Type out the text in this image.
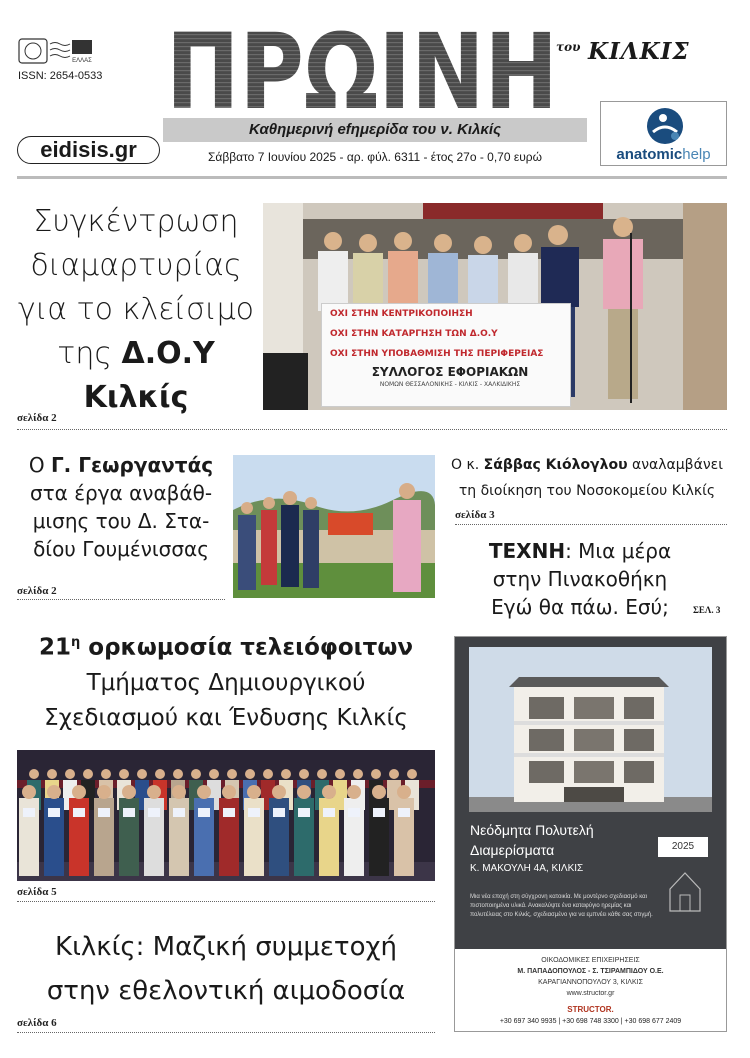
ΕΛΛΑΣ
ISSN: 2654-0533
eidisis.gr
ΠΡΩΙΝΗ
του ΚΙΛΚΙΣ
Καθημερινή efημερίδα του ν. Κιλκίς
Σάββατο 7 Ιουνίου 2025 - αρ. φύλ. 6311 - έτος 27ο - 0,70 ευρώ	anatomichelp
Συγκέντρωση
διαμαρτυρίας
για το κλείσιμο
της Δ.Ο.Υ Κιλκίς
σελίδα 2
ΟΧΙ ΣΤΗΝ ΚΕΝΤΡΙΚΟΠΟΙΗΣΗ
ΟΧΙ ΣΤΗΝ ΚΑΤΑΡΓΗΣΗ ΤΩΝ Δ.Ο.Υ
ΟΧΙ ΣΤΗΝ ΥΠΟΒΑΘΜΙΣΗ ΤΗΣ ΠΕΡΙΦΕΡΕΙΑΣ
ΣΥΛΛΟΓΟΣ ΕΦΟΡΙΑΚΩΝ
ΝΟΜΩΝ ΘΕΣΣΑΛΟΝΙΚΗΣ - ΚΙΛΚΙΣ - ΧΑΛΚΙΔΙΚΗΣ
Ο Γ. Γεωργαντάς
στα έργα αναβάθ-
μισης του Δ. Στα-
δίου Γουμένισσας
σελίδα 2
Ο κ. Σάββας Κιόλογλου αναλαμβάνει
τη διοίκηση του Νοσοκομείου Κιλκίς
σελίδα 3
ΤΕΧΝΗ: Μια μέρα
στην Πινακοθήκη
Εγώ θα πάω. Εσύ;	ΣΕΛ. 3
$21^\eta$ ορκωμοσία τελειόφοιτων
Τμήματος Δημιουργικού
Σχεδιασμού και Ένδυσης Κιλκίς
σελίδα 5
Κιλκίς: Μαζική συμμετοχή
στην εθελοντική αιμοδοσία
σελίδα 6
Νεόδμητα Πολυτελή
Διαμερίσματα	2025
Κ. ΜΑΚΟΥΛΗ 4Α, ΚΙΛΚΙΣ
Μια νέα εποχή στη σύγχρονη κατοικία. Με μοντέρνο σχεδιασμό και πιστοποιημένα υλικά. Ανακαλύψτε ένα καταφύγιο ηρεμίας και πολυτέλειας στο Κιλκίς, σχεδιασμένο για να εμπνέει κάθε σας στιγμή.
ΟΙΚΟΔΟΜΙΚΕΣ ΕΠΙΧΕΙΡΗΣΕΙΣ
Μ. ΠΑΠΑΔΟΠΟΥΛΟΣ - Σ. ΤΣΙΡΑΜΠΙΔΟΥ Ο.Ε.
ΚΑΡΑΓΙΑΝΝΟΠΟΥΛΟΥ 3, ΚΙΛΚΙΣ
www.structor.gr
STRUCTOR.
+30 697 340 9935 | +30 698 748 3300 | +30 698 677 2409
